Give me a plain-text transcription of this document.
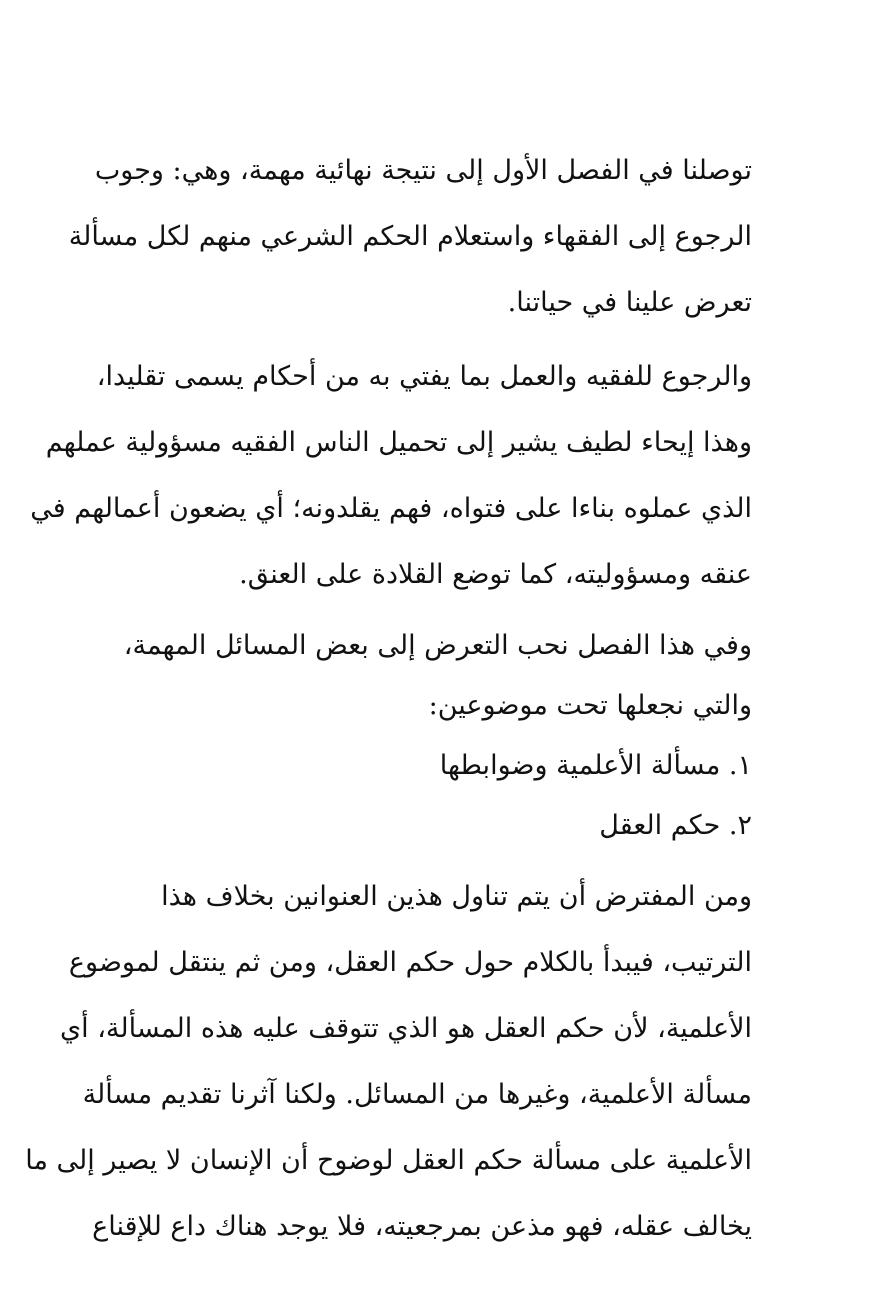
توصلنا في الفصل الأول إلى نتيجة نهائية مهمة، وهي: وجوب
الرجوع إلى الفقهاء واستعلام الحكم الشرعي منهم لكل مسألة
تعرض علينا في حياتنا.

والرجوع للفقيه والعمل بما يفتي به من أحكام يسمى تقليدا،
وهذا إيحاء لطيف يشير إلى تحميل الناس الفقيه مسؤولية عملهم
الذي عملوه بناءا على فتواه، فهم يقلدونه؛ أي يضعون أعمالهم في
عنقه ومسؤوليته، كما توضع القلادة على العنق.

وفي هذا الفصل نحب التعرض إلى بعض المسائل المهمة،
والتي نجعلها تحت موضوعين:

١. مسألة الأعلمية وضوابطها

٢. حكم العقل

ومن المفترض أن يتم تناول هذين العنوانين بخلاف هذا
الترتيب، فيبدأ بالكلام حول حكم العقل، ومن ثم ينتقل لموضوع
الأعلمية، لأن حكم العقل هو الذي تتوقف عليه هذه المسألة، أي
مسألة الأعلمية، وغيرها من المسائل. ولكنا آثرنا تقديم مسألة
الأعلمية على مسألة حكم العقل لوضوح أن الإنسان لا يصير إلى ما
يخالف عقله، فهو مذعن بمرجعيته، فلا يوجد هناك داع للإقناع
